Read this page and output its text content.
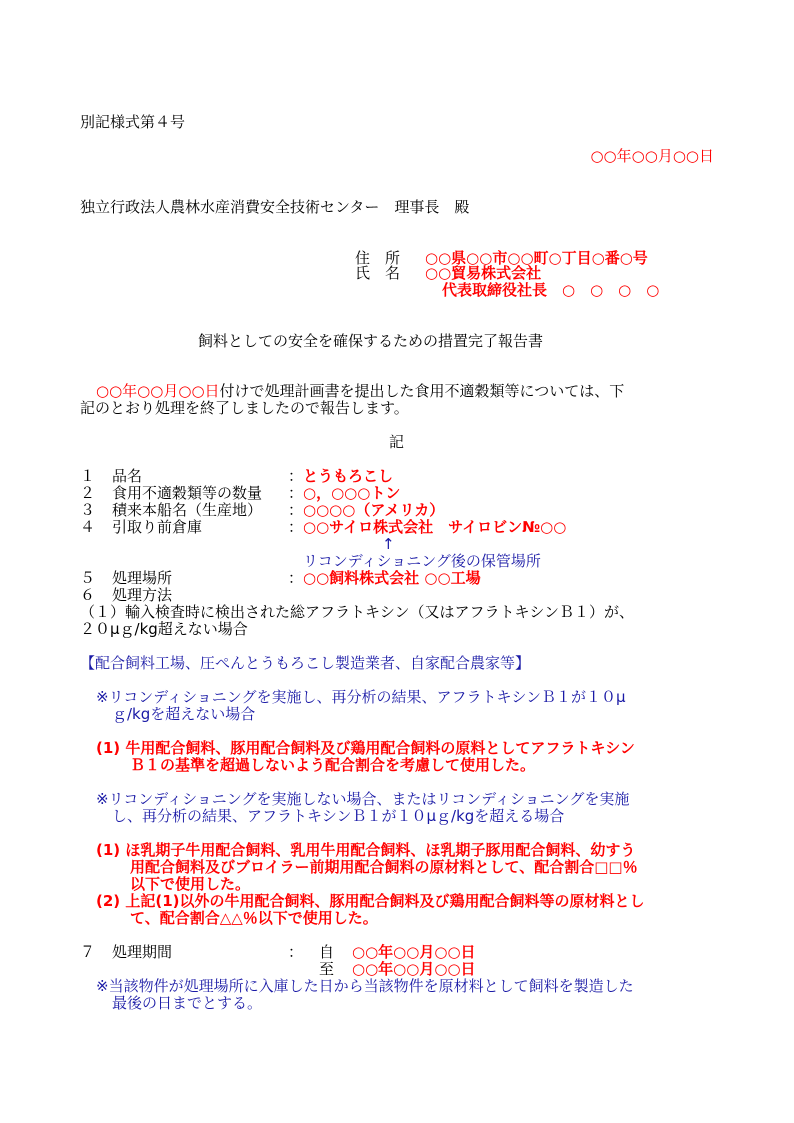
別記様式第４号
○○年○○月○○日
独立行政法人農林水産消費安全技術センター　理事長　殿
住　所 ○○県○○市○○町○丁目○番○号
氏　名 ○○貿易株式会社
代表取締役社長　○　○　○　○
飼料としての安全を確保するための措置完了報告書
○○年○○月○○日付けで処理計画書を提出した食用不適穀類等については、下
記のとおり処理を終了しましたので報告します。
記
１ 品名	： とうもろこし
２ 食用不適穀類等の数量 ： ○，○○○トン
３ 積来本船名（生産地） ： ○○○○（アメリカ）
４ 引取り前倉庫	： ○○サイロ株式会社　サイロビン№○○
↑
リコンディショニング後の保管場所
５ 処理場所	： ○○飼料株式会社 ○○工場
６ 処理方法
（１）輸入検査時に検出された総アフラトキシン（又はアフラトキシンＢ１）が、
２０μｇ/kg超えない場合
【配合飼料工場、圧ぺんとうもろこし製造業者、自家配合農家等】
※リコンディショニングを実施し、再分析の結果、アフラトキシンＢ１が１０μ
ｇ/kgを超えない場合
(1) 牛用配合飼料、豚用配合飼料及び鶏用配合飼料の原料としてアフラトキシン
Ｂ１の基準を超過しないよう配合割合を考慮して使用した。
※リコンディショニングを実施しない場合、またはリコンディショニングを実施
し、再分析の結果、アフラトキシンＢ１が１０μｇ/kgを超える場合
(1) ほ乳期子牛用配合飼料、乳用牛用配合飼料、ほ乳期子豚用配合飼料、幼すう
用配合飼料及びブロイラー前期用配合飼料の原材料として、配合割合□□％
以下で使用した。
(2) 上記(1)以外の牛用配合飼料、豚用配合飼料及び鶏用配合飼料等の原材料とし
て、配合割合△△％以下で使用した。
７ 処理期間	： 自 ○○年○○月○○日
至 ○○年○○月○○日
※当該物件が処理場所に入庫した日から当該物件を原材料として飼料を製造した
最後の日までとする。
